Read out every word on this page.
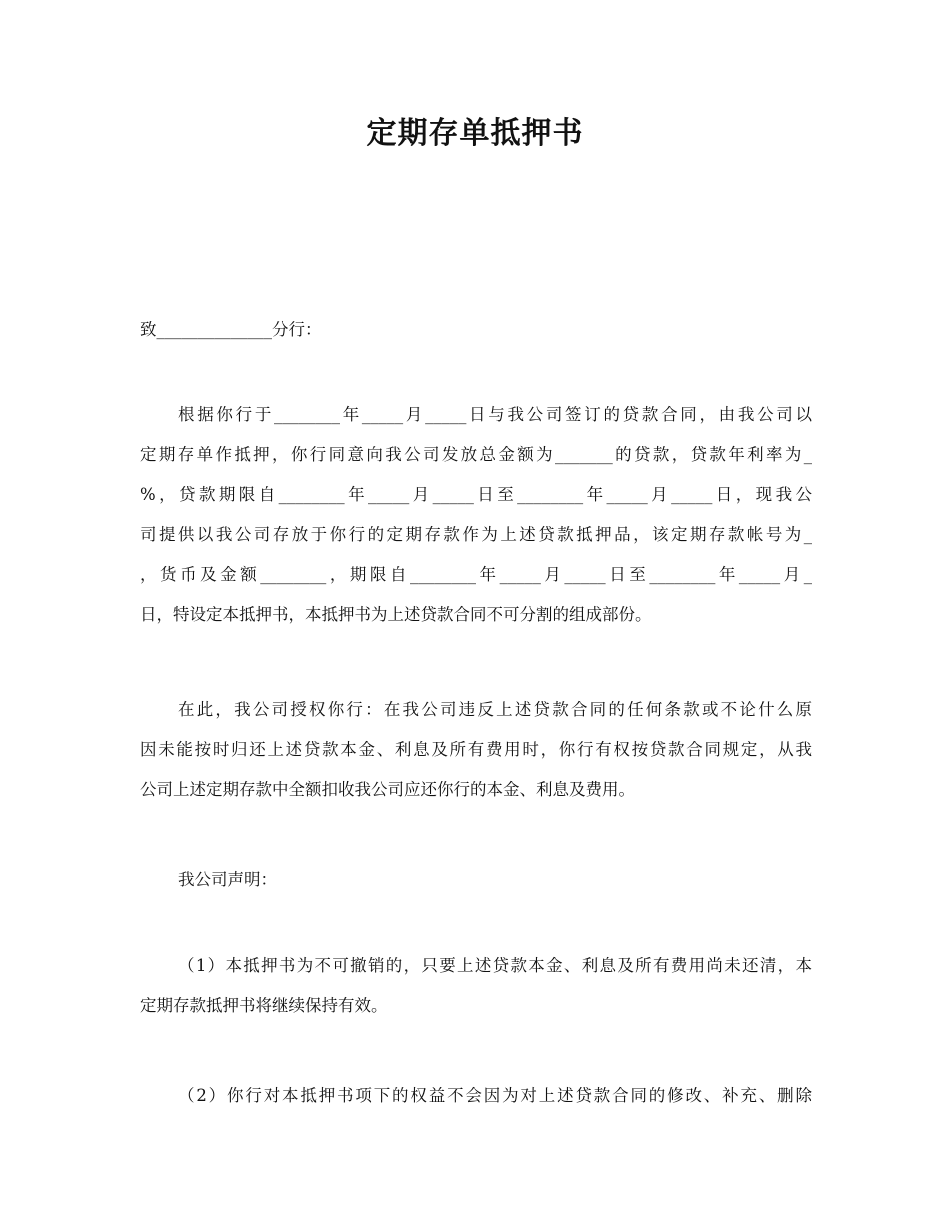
定期存单抵押书
致______________分行：
根据你行于________年_____月_____日与我公司签订的贷款合同，由我公司以
定期存单作抵押，你行同意向我公司发放总金额为_______的贷款，贷款年利率为_
%，贷款期限自________年_____月_____日至________年_____月_____日，现我公
司提供以我公司存放于你行的定期存款作为上述贷款抵押品，该定期存款帐号为_
，货币及金额________，期限自________年_____月_____日至________年_____月_
日，特设定本抵押书，本抵押书为上述贷款合同不可分割的组成部份。
在此，我公司授权你行：在我公司违反上述贷款合同的任何条款或不论什么原
因未能按时归还上述贷款本金、利息及所有费用时，你行有权按贷款合同规定，从我
公司上述定期存款中全额扣收我公司应还你行的本金、利息及费用。
我公司声明：
（1）本抵押书为不可撤销的，只要上述贷款本金、利息及所有费用尚未还清，本
定期存款抵押书将继续保持有效。
（2）你行对本抵押书项下的权益不会因为对上述贷款合同的修改、补充、删除
